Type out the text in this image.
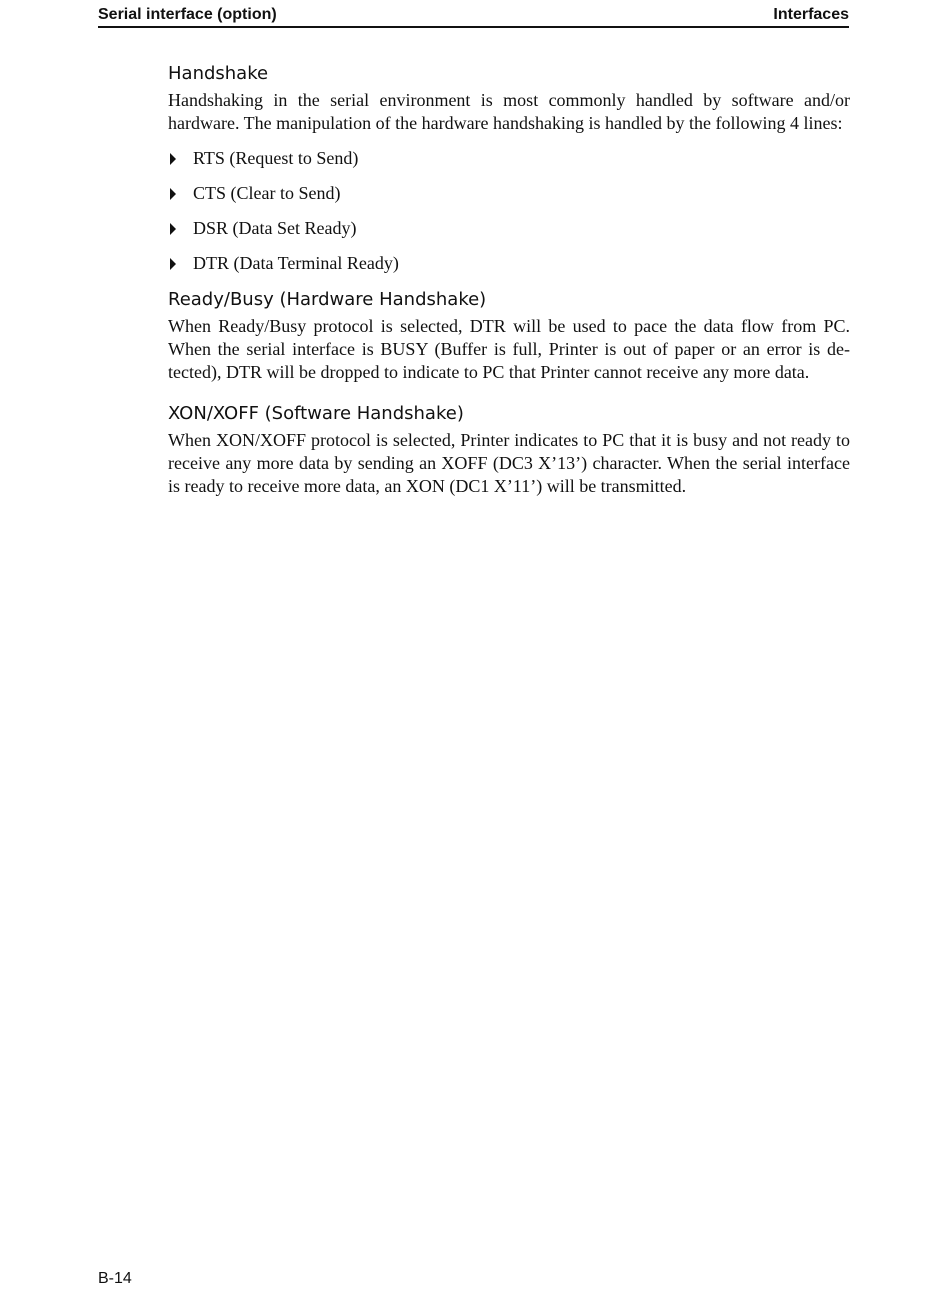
Serial interface (option)	Interfaces
Handshake

Handshaking in the serial environment is most commonly handled by software and/or hardware. The manipulation of the hardware handshaking is handled by the following 4 lines:

RTS (Request to Send)
CTS (Clear to Send)
DSR (Data Set Ready)
DTR (Data Terminal Ready)
Ready/Busy (Hardware Handshake)

When Ready/Busy protocol is selected, DTR will be used to pace the data flow from PC. When the serial interface is BUSY (Buffer is full, Printer is out of paper or an error is detected), DTR will be dropped to indicate to PC that Printer cannot receive any more data.

XON/XOFF (Software Handshake)

When XON/XOFF protocol is selected, Printer indicates to PC that it is busy and not ready to receive any more data by sending an XOFF (DC3 X’13’) character. When the serial interface is ready to receive more data, an XON (DC1 X’11’) will be transmitted.

B-14
